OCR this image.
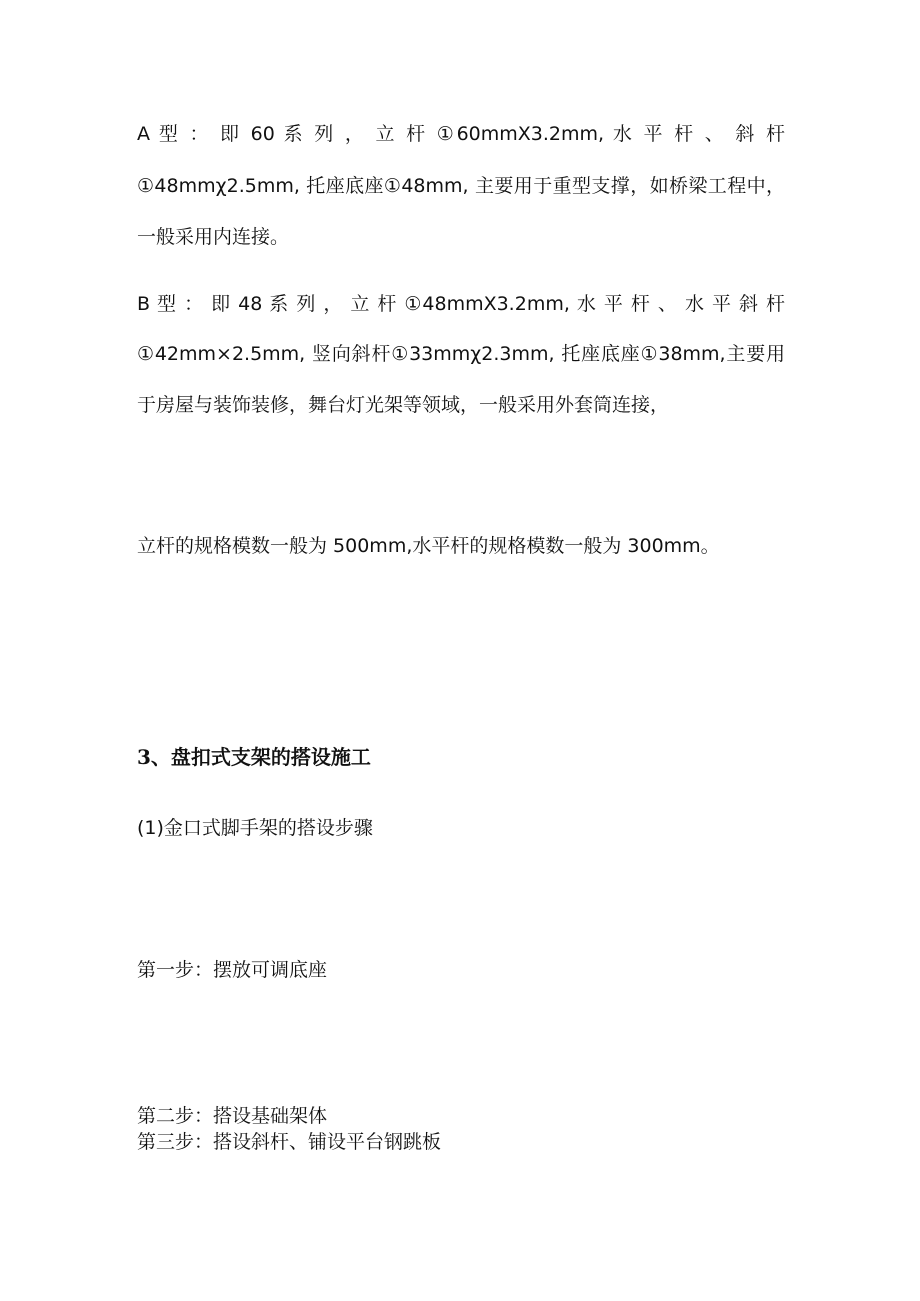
A 型 ： 即 60 系 列 ， 立 杆 ①60mmX3.2mm, 水 平 杆 、 斜 杆
①48mmχ2.5mm, 托座底座①48mm, 主要用于重型支撑，如桥梁工程中，
一般采用内连接。
B 型 ： 即 48 系 列 ， 立 杆 ①48mmX3.2mm, 水 平 杆 、 水 平 斜 杆
①42mm×2.5mm, 竖向斜杆①33mmχ2.3mm, 托座底座①38mm,主要用
于房屋与装饰装修，舞台灯光架等领域，一般采用外套筒连接，
立杆的规格模数一般为 500mm,水平杆的规格模数一般为 300mm。
3、盘扣式支架的搭设施工
(1)金口式脚手架的搭设步骤
第一步：摆放可调底座
第二步：搭设基础架体
第三步：搭设斜杆、铺设平台钢跳板
